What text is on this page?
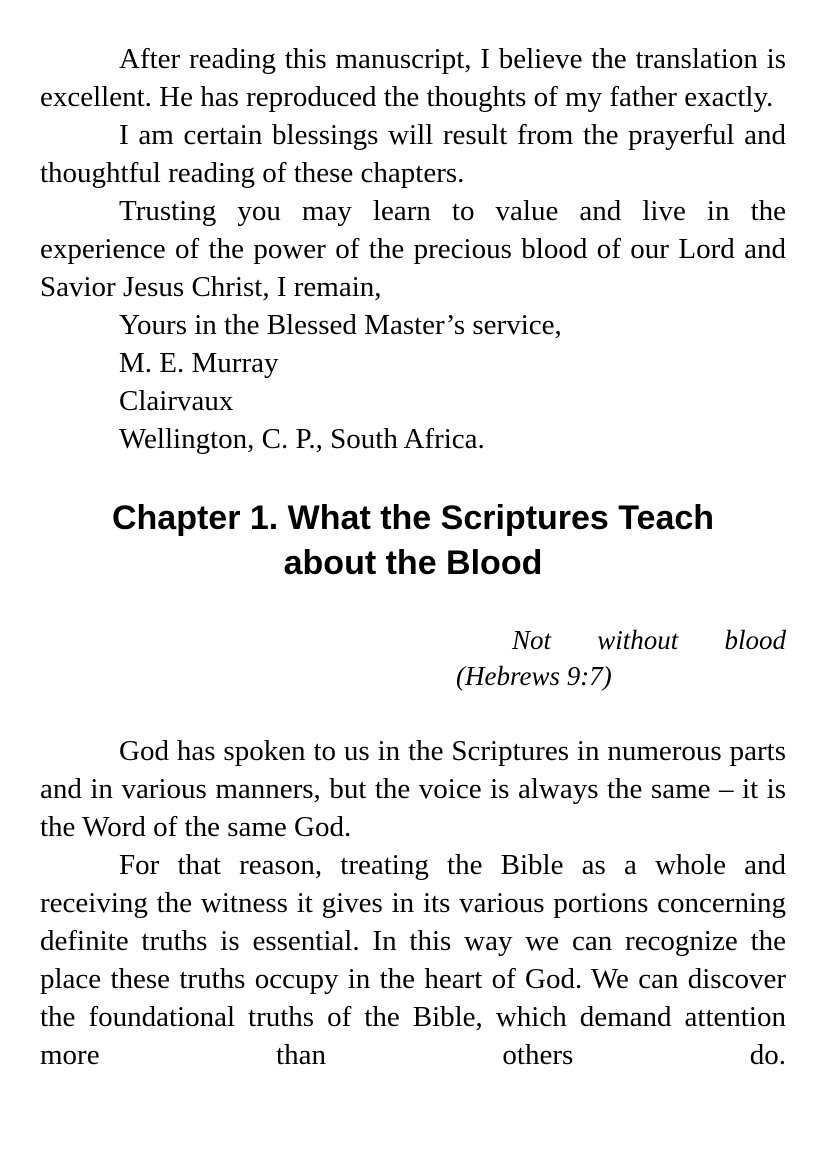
After reading this manuscript, I believe the translation is excellent. He has reproduced the thoughts of my father exactly.

I am certain blessings will result from the prayerful and thoughtful reading of these chapters.

Trusting you may learn to value and live in the experience of the power of the precious blood of our Lord and Savior Jesus Christ, I remain,

Yours in the Blessed Master’s service,

M. E. Murray

Clairvaux

Wellington, C. P., South Africa.

Chapter 1. What the Scriptures Teach
about the Blood
Not without blood
(Hebrews 9:7)

God has spoken to us in the Scriptures in numerous parts and in various manners, but the voice is always the same – it is the Word of the same God.

For that reason, treating the Bible as a whole and receiving the witness it gives in its various portions concerning definite truths is essential. In this way we can recognize the place these truths occupy in the heart of God. We can discover the foundational truths of the Bible, which demand attention more than others do.
